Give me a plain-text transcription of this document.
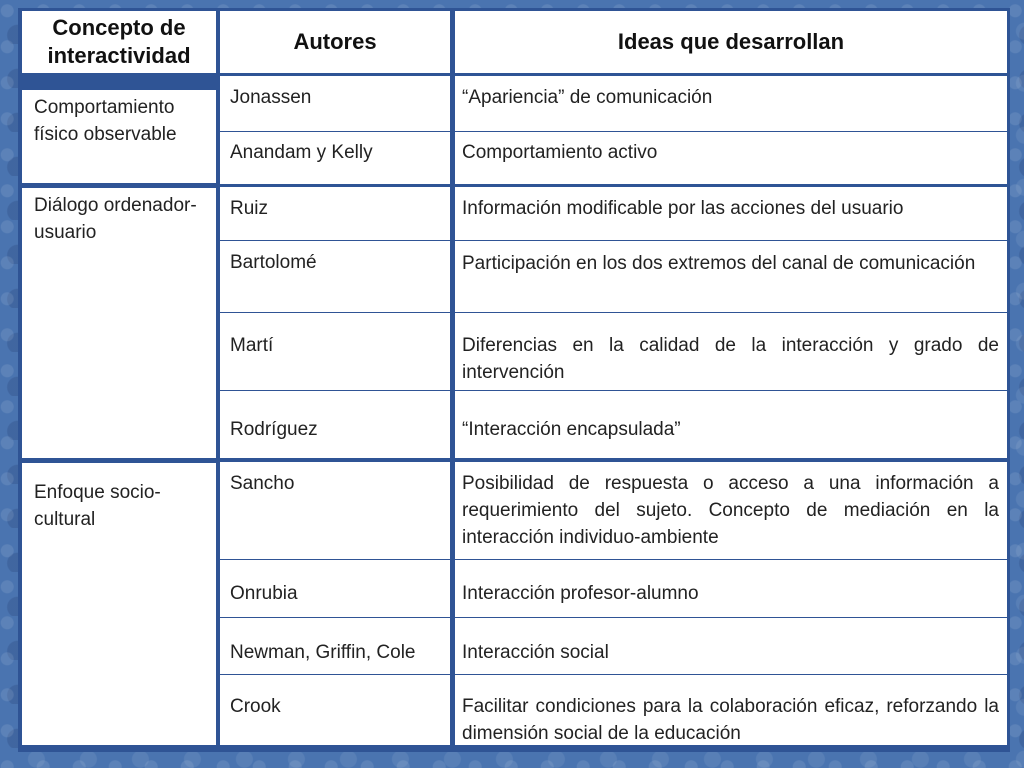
Concepto de interactividad
Autores	Ideas que desarrollan
Comportamiento físico observable
Diálogo ordenador-usuario
Enfoque socio-cultural
Jonassen
Anandam y Kelly
Ruiz
Bartolomé
Martí
Rodríguez
Sancho
Onrubia
Newman, Griffin, Cole
Crook
“Apariencia” de comunicación
Comportamiento activo
Información modificable por las acciones del usuario
Participación en los dos extremos del canal de comunicación
Diferencias en la calidad de la interacción y grado de intervención
“Interacción encapsulada”
Posibilidad de respuesta o acceso a una información a requerimiento del sujeto. Concepto de mediación en la interacción individuo-ambiente
Interacción profesor-alumno
Interacción social
Facilitar condiciones para la colaboración eficaz, reforzando la dimensión social de la educación
